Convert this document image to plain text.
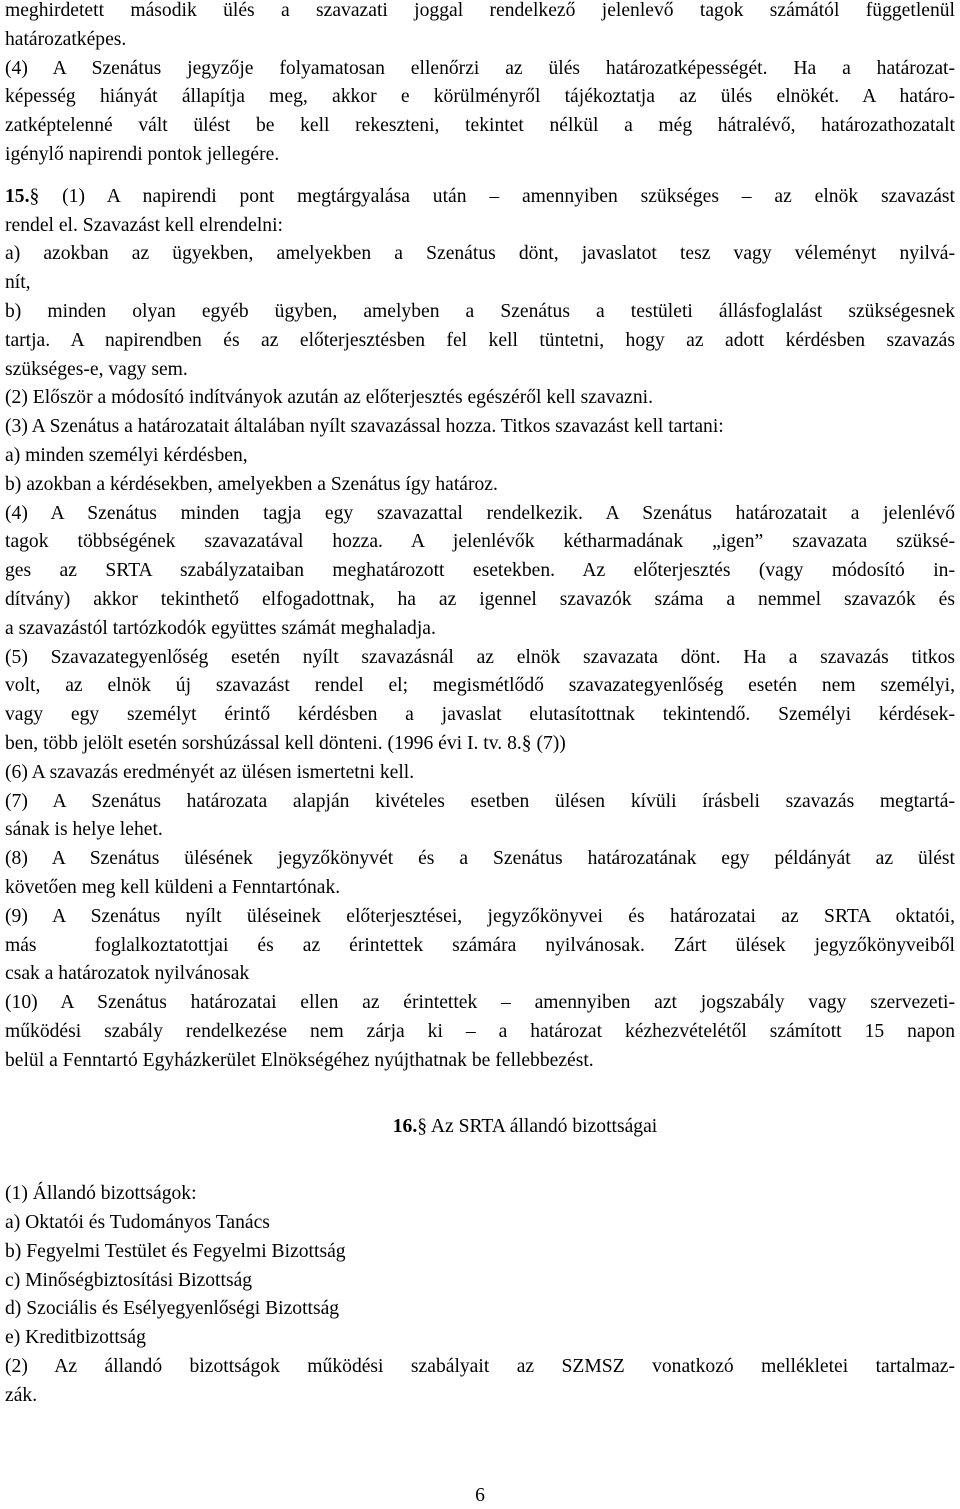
meghirdetett második ülés a szavazati joggal rendelkező jelenlevő tagok számától függetlenül
határozatképes.
(4) A Szenátus jegyzője folyamatosan ellenőrzi az ülés határozatképességét. Ha a határozat-
képesség hiányát állapítja meg, akkor e körülményről tájékoztatja az ülés elnökét. A határo-
zatképtelenné vált ülést be kell rekeszteni, tekintet nélkül a még hátralévő, határozathozatalt
igénylő napirendi pontok jellegére.
15.§ (1) A napirendi pont megtárgyalása után – amennyiben szükséges – az elnök szavazást
rendel el. Szavazást kell elrendelni:
a) azokban az ügyekben, amelyekben a Szenátus dönt, javaslatot tesz vagy véleményt nyilvá-
nít,
b) minden olyan egyéb ügyben, amelyben a Szenátus a testületi állásfoglalást szükségesnek
tartja. A napirendben és az előterjesztésben fel kell tüntetni, hogy az adott kérdésben szavazás
szükséges-e, vagy sem.
(2) Először a módosító indítványok azután az előterjesztés egészéről kell szavazni.
(3) A Szenátus a határozatait általában nyílt szavazással hozza. Titkos szavazást kell tartani:
a) minden személyi kérdésben,
b) azokban a kérdésekben, amelyekben a Szenátus így határoz.
(4) A Szenátus minden tagja egy szavazattal rendelkezik. A Szenátus határozatait a jelenlévő
tagok többségének szavazatával hozza. A jelenlévők kétharmadának „igen” szavazata szüksé-
ges az SRTA szabályzataiban meghatározott esetekben. Az előterjesztés (vagy módosító in-
dítvány) akkor tekinthető elfogadottnak, ha az igennel szavazók száma a nemmel szavazók és
a szavazástól tartózkodók együttes számát meghaladja.
(5) Szavazategyenlőség esetén nyílt szavazásnál az elnök szavazata dönt. Ha a szavazás titkos
volt, az elnök új szavazást rendel el; megismétlődő szavazategyenlőség esetén nem személyi,
vagy egy személyt érintő kérdésben a javaslat elutasítottnak tekintendő. Személyi kérdések-
ben, több jelölt esetén sorshúzással kell dönteni. (1996 évi I. tv. 8.§ (7))
(6) A szavazás eredményét az ülésen ismertetni kell.
(7) A Szenátus határozata alapján kivételes esetben ülésen kívüli írásbeli szavazás megtartá-
sának is helye lehet.
(8) A Szenátus ülésének jegyzőkönyvét és a Szenátus határozatának egy példányát az ülést
követően meg kell küldeni a Fenntartónak.
(9) A Szenátus nyílt üléseinek előterjesztései, jegyzőkönyvei és határozatai az SRTA oktatói,
más  foglalkoztatottjai és az érintettek számára nyilvánosak. Zárt ülések jegyzőkönyveiből
csak a határozatok nyilvánosak
(10) A Szenátus határozatai ellen az érintettek – amennyiben azt jogszabály vagy szervezeti-
működési szabály rendelkezése nem zárja ki – a határozat kézhezvételétől számított 15 napon
belül a Fenntartó Egyházkerület Elnökségéhez nyújthatnak be fellebbezést.
16.§ Az SRTA állandó bizottságai
(1) Állandó bizottságok:
a) Oktatói és Tudományos Tanács
b) Fegyelmi Testület és Fegyelmi Bizottság
c) Minőségbiztosítási Bizottság
d) Szociális és Esélyegyenlőségi Bizottság
e) Kreditbizottság
(2) Az állandó bizottságok működési szabályait az SZMSZ vonatkozó mellékletei tartalmaz-
zák.
6
